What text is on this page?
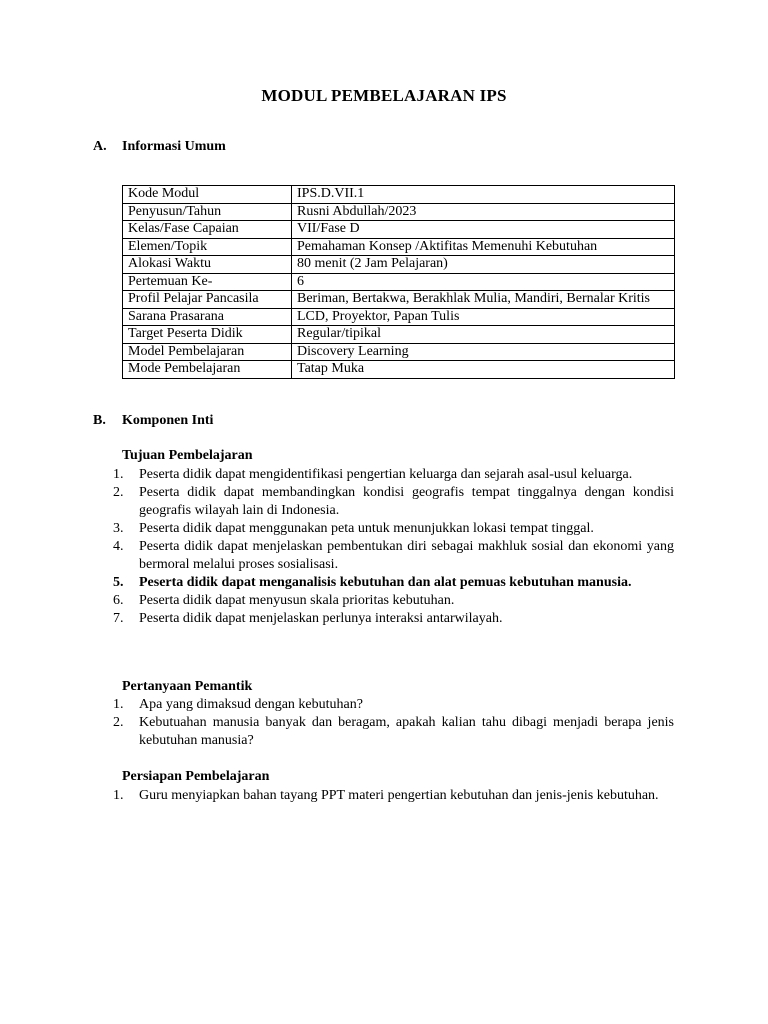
MODUL PEMBELAJARAN IPS
A. Informasi Umum
Kode Modul	IPS.D.VII.1
Penyusun/Tahun	Rusni Abdullah/2023
Kelas/Fase Capaian	VII/Fase D
Elemen/Topik	Pemahaman Konsep /Aktifitas Memenuhi Kebutuhan
Alokasi Waktu	80 menit (2 Jam Pelajaran)
Pertemuan Ke-	6
Profil Pelajar Pancasila	Beriman, Bertakwa, Berakhlak Mulia, Mandiri, Bernalar Kritis
Sarana Prasarana	LCD, Proyektor, Papan Tulis
Target Peserta Didik	Regular/tipikal
Model Pembelajaran	Discovery Learning
Mode Pembelajaran	Tatap Muka
B. Komponen Inti
Tujuan Pembelajaran
1.	Peserta didik dapat mengidentifikasi pengertian keluarga dan sejarah asal-usul keluarga.
2.	Peserta didik dapat membandingkan kondisi geografis tempat tinggalnya dengan kondisi geografis wilayah lain di Indonesia.
3.	Peserta didik dapat menggunakan peta untuk menunjukkan lokasi tempat tinggal.
4.	Peserta didik dapat menjelaskan pembentukan diri sebagai makhluk sosial dan ekonomi yang bermoral melalui proses sosialisasi.
5.	Peserta didik dapat menganalisis kebutuhan dan alat pemuas kebutuhan manusia.
6.	Peserta didik dapat menyusun skala prioritas kebutuhan.
7.	Peserta didik dapat menjelaskan perlunya interaksi antarwilayah.
Pertanyaan Pemantik
1.	Apa yang dimaksud dengan kebutuhan?
2.	Kebutuahan manusia banyak dan beragam, apakah kalian tahu dibagi menjadi berapa jenis kebutuhan manusia?
Persiapan Pembelajaran
1.	Guru menyiapkan bahan tayang PPT materi pengertian kebutuhan dan jenis-jenis kebutuhan.
